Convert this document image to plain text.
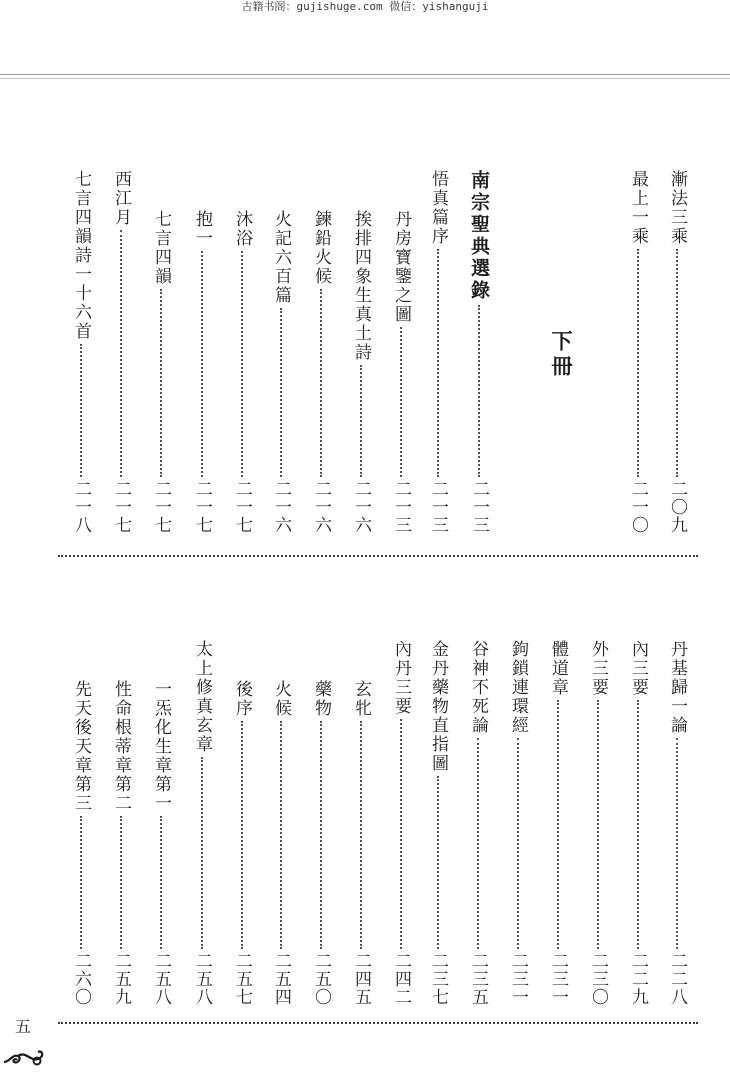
古籍书阁：gujishuge.com 微信：yishanguji
漸法三乘
二〇九
最上一乘
二一〇
下冊
南宗聖典選錄
二一三
悟真篇序
二一三
丹房寶鑒之圖
二一三
挨排四象生真土詩
二一六
鍊鉛火候
二一六
火記六百篇
二一六
沐浴
二一七
抱一
二一七
七言四韻
二一七
西江月
二一七
七言四韻詩一十六首
二一八
丹基歸一論
二二八
內三要
二二九
外三要
二三〇
體道章
二三一
鉤鎖連環經
二三一
谷神不死論
二三五
金丹藥物直指圖
二三七
內丹三要
二四二
玄牝
二四五
藥物
二五〇
火候
二五四
後序
二五七
太上修真玄章
二五八
一炁化生章第一
二五八
性命根蒂章第二
二五九
先天後天章第三
二六〇
五
